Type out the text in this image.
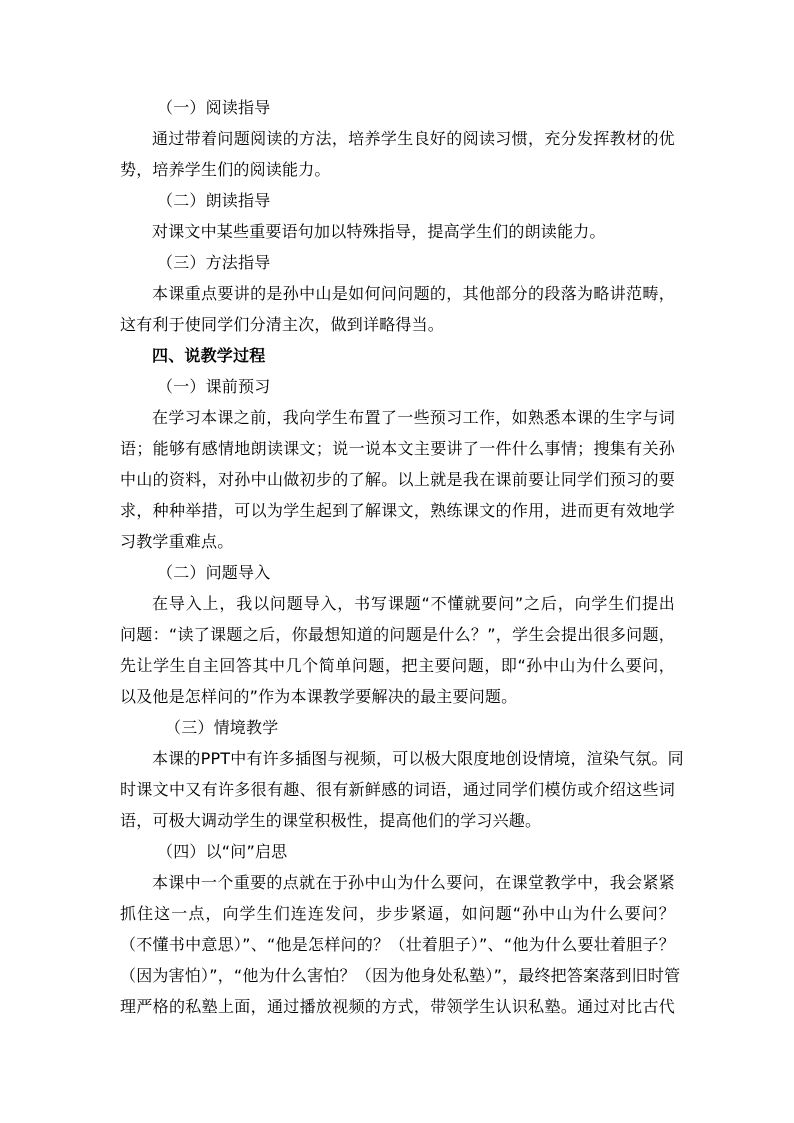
（一）阅读指导
通过带着问题阅读的方法，培养学生良好的阅读习惯，充分发挥教材的优
势，培养学生们的阅读能力。
（二）朗读指导
对课文中某些重要语句加以特殊指导，提高学生们的朗读能力。
（三）方法指导
本课重点要讲的是孙中山是如何问问题的，其他部分的段落为略讲范畴，
这有利于使同学们分清主次，做到详略得当。
四、说教学过程
（一）课前预习
在学习本课之前，我向学生布置了一些预习工作，如熟悉本课的生字与词
语；能够有感情地朗读课文；说一说本文主要讲了一件什么事情；搜集有关孙
中山的资料，对孙中山做初步的了解。以上就是我在课前要让同学们预习的要
求，种种举措，可以为学生起到了解课文，熟练课文的作用，进而更有效地学
习教学重难点。
（二）问题导入
在导入上，我以问题导入，书写课题“不懂就要问”之后，向学生们提出
问题：“读了课题之后，你最想知道的问题是什么？”，学生会提出很多问题，
先让学生自主回答其中几个简单问题，把主要问题，即“孙中山为什么要问，
以及他是怎样问的”作为本课教学要解决的最主要问题。
（三）情境教学
本课的PPT中有许多插图与视频，可以极大限度地创设情境，渲染气氛。同
时课文中又有许多很有趣、很有新鲜感的词语，通过同学们模仿或介绍这些词
语，可极大调动学生的课堂积极性，提高他们的学习兴趣。
（四）以“问”启思
本课中一个重要的点就在于孙中山为什么要问，在课堂教学中，我会紧紧
抓住这一点，向学生们连连发问，步步紧逼，如问题“孙中山为什么要问？
（不懂书中意思）”、“他是怎样问的？（壮着胆子）”、“他为什么要壮着胆子？
（因为害怕）”，“他为什么害怕？（因为他身处私塾）”，最终把答案落到旧时管
理严格的私塾上面，通过播放视频的方式，带领学生认识私塾。通过对比古代
